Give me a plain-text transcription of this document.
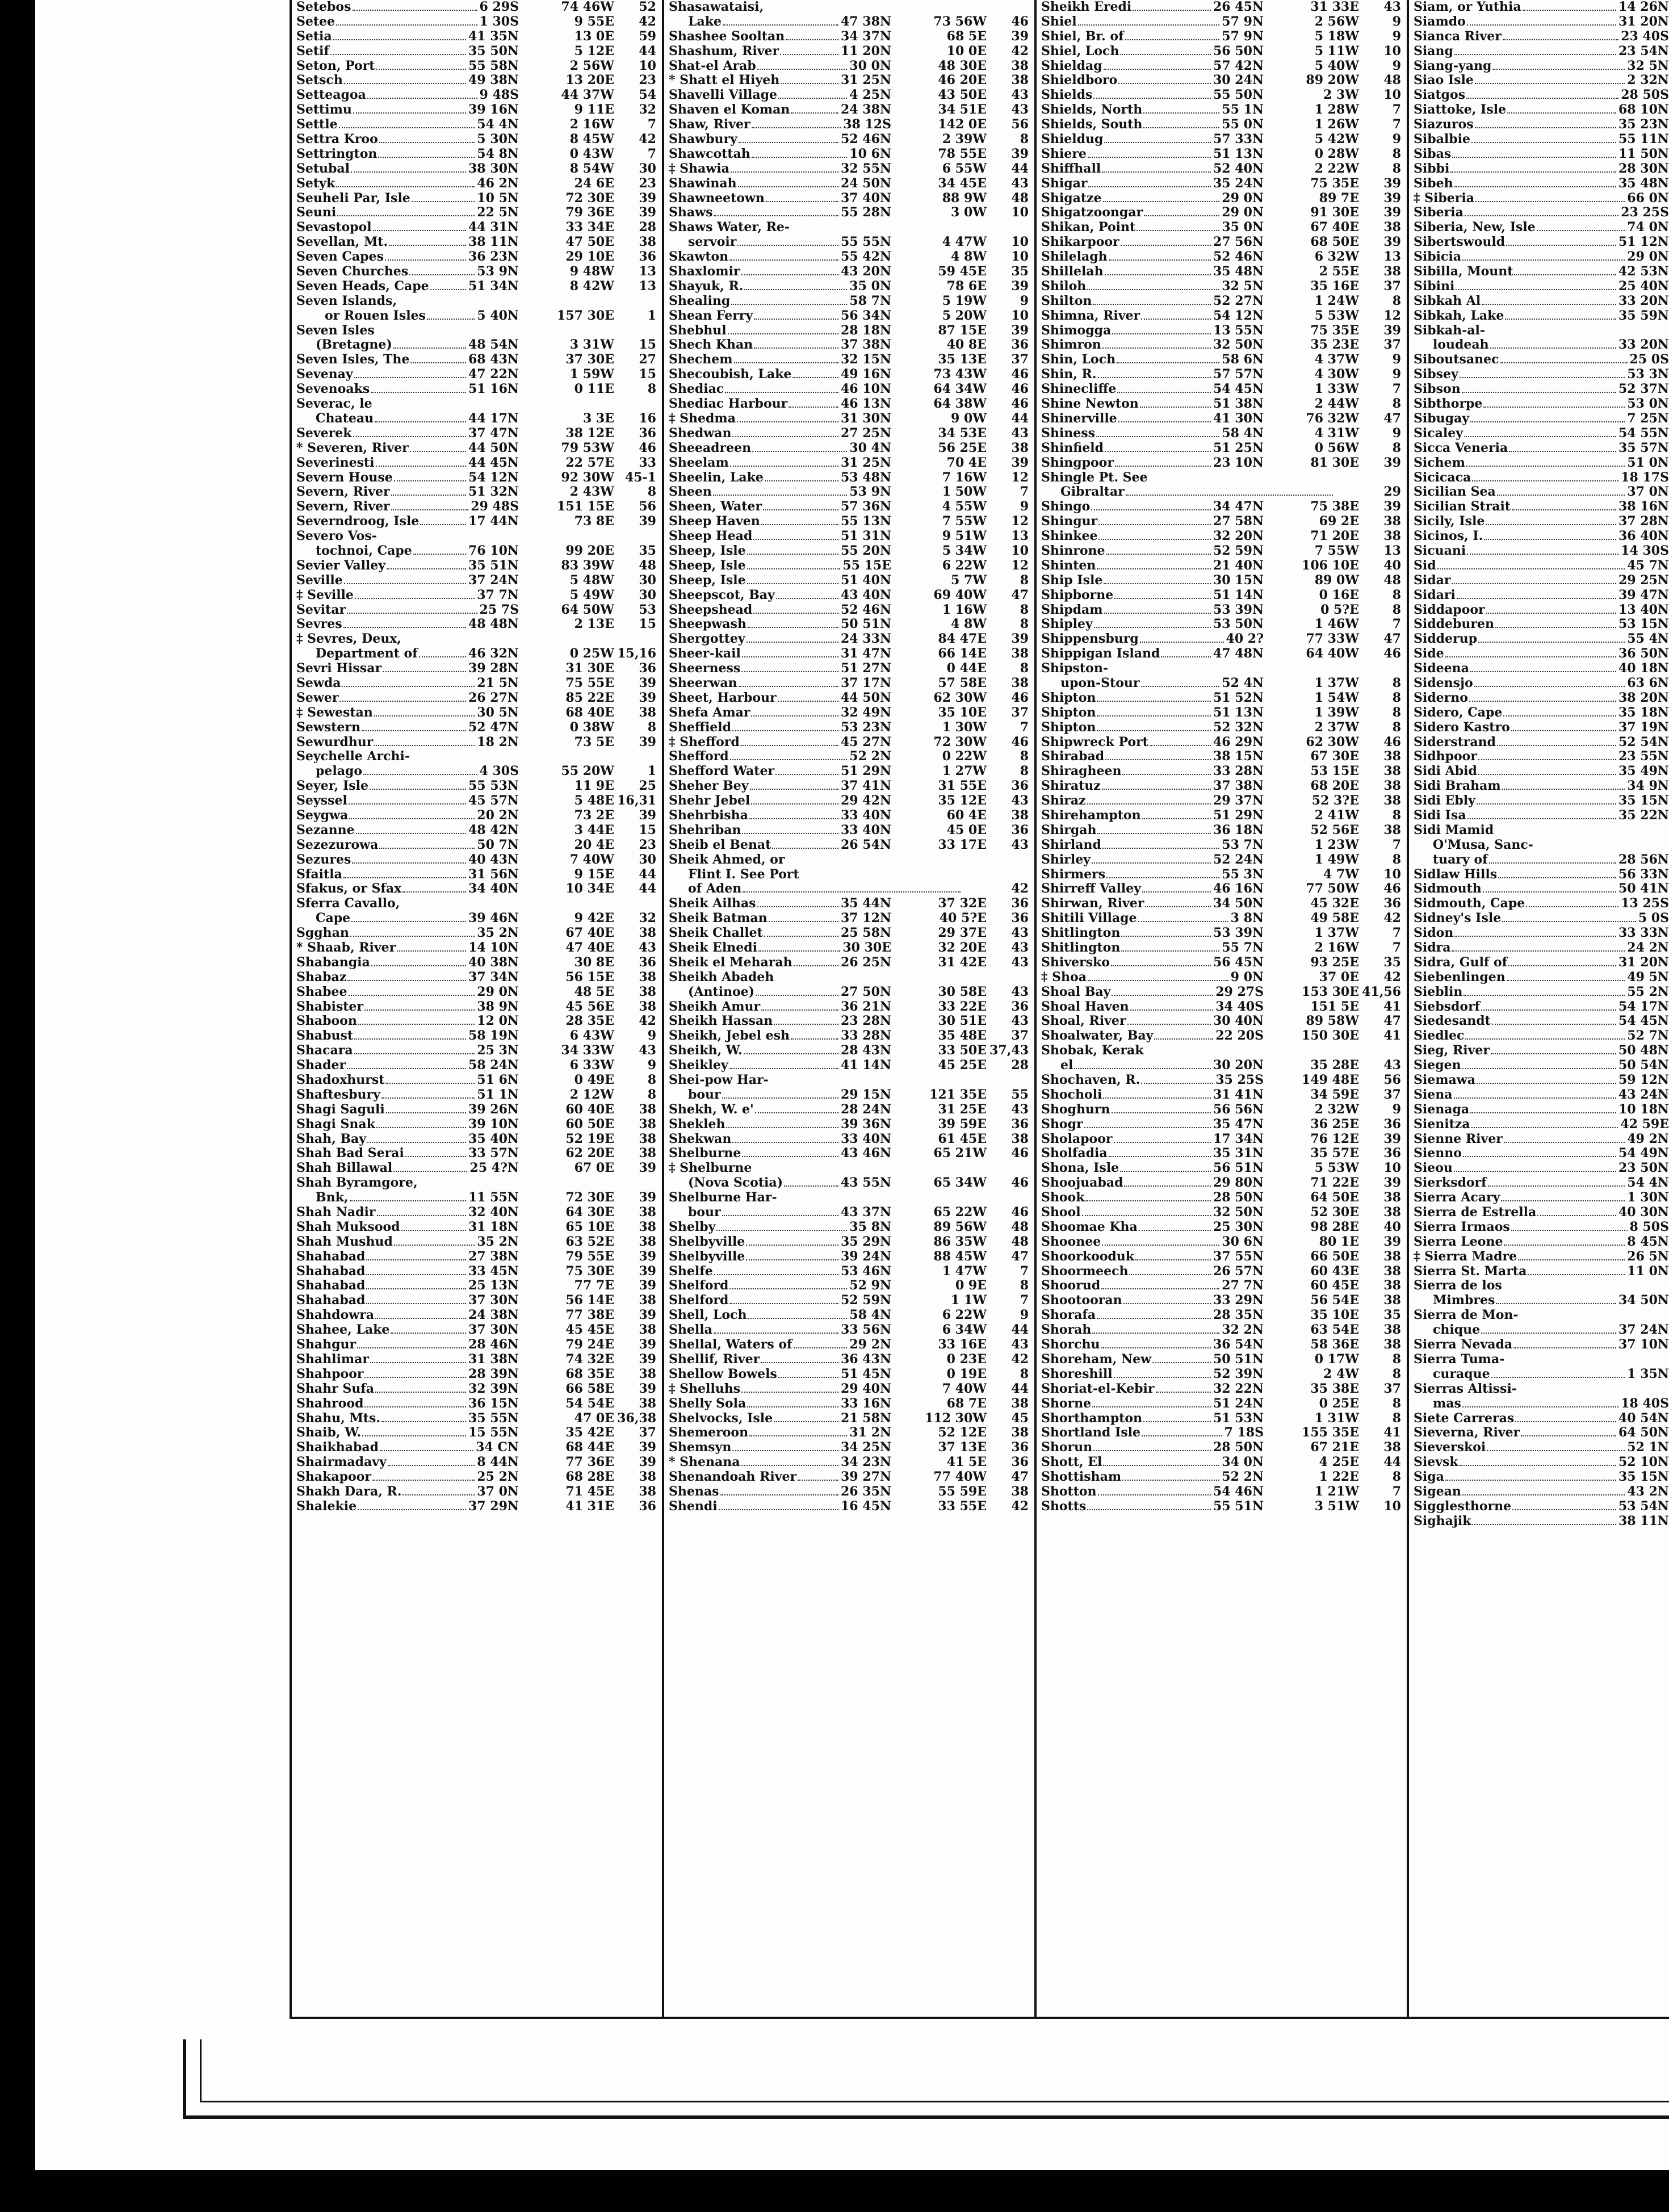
Setebos	6 29S	74 46W 52
Setee	1 30S	9 55E 42
Setia	41 35N	13 0E 59
Setif	35 50N	5 12E 44
Seton, Port	55 58N	2 56W 10
Setsch	49 38N	13 20E 23
Setteagoa	9 48S	44 37W 54
Settimu	39 16N	9 11E 32
Settle	54 4N	2 16W	7
Settra Kroo	5 30N	8 45W 42
Settrington	54 8N	0 43W	7
Setubal	38 30N	8 54W 30
Setyk	46 2N	24 6E 23
Seuheli Par, Isle	10 5N	72 30E 39
Seuni	22 5N	79 36E 39
Sevastopol	44 31N	33 34E 28
Sevellan, Mt.	38 11N	47 50E 38
Seven Capes	36 23N	29 10E 36
Seven Churches	53 9N	9 48W 13
Seven Heads, Cape	51 34N	8 42W 13
Seven Islands,
or Rouen Isles	5 40N	157 30E	1
Seven Isles
(Bretagne)	48 54N	3 31W 15
Seven Isles, The	68 43N	37 30E 27
Sevenay	47 22N	1 59W 15
Sevenoaks	51 16N	0 11E	8
Severac, le
Chateau	44 17N	3 3E 16
Severek	37 47N	38 12E 36
* Severen, River	44 50N	79 53W 46
Severinesti	44 45N	22 57E 33
Severn House	54 12N	92 30W 45-1
Severn, River	51 32N	2 43W	8
Severn, River	29 48S	151 15E 56
Severndroog, Isle	17 44N	73 8E 39
Severo Vos-
tochnoi, Cape	76 10N	99 20E 35
Sevier Valley	35 51N	83 39W 48
Seville	37 24N	5 48W 30
‡ Seville	37 7N	5 49W 30
Sevitar	25 7S	64 50W 53
Sevres	48 48N	2 13E 15
‡ Sevres, Deux,
Department of	46 32N	0 25W 15,16
Sevri Hissar	39 28N	31 30E 36
Sewda	21 5N	75 55E 39
Sewer	26 27N	85 22E 39
‡ Sewestan	30 5N	68 40E 38
Sewstern	52 47N	0 38W	8
Sewurdhur	18 2N	73 5E 39
Seychelle Archi-
pelago	4 30S	55 20W	1
Seyer, Isle	55 53N	11 9E 25
Seyssel	45 57N	5 48E 16,31
Seygwa	20 2N	73 2E 39
Sezanne	48 42N	3 44E 15
Sezezurowa	50 7N	20 4E 23
Sezures	40 43N	7 40W 30
Sfaitla	31 56N	9 15E 44
Sfakus, or Sfax	34 40N	10 34E 44
Sferra Cavallo,
Cape	39 46N	9 42E 32
Sgghan	35 2N	67 40E 38
* Shaab, River	14 10N	47 40E 43
Shabangia	40 38N	30 8E 36
Shabaz	37 34N	56 15E 38
Shabee	29 0N	48 5E 38
Shabister	38 9N	45 56E 38
Shaboon	12 0N	28 35E 42
Shabust	58 19N	6 43W	9
Shacara	25 3N	34 33W 43
Shader	58 24N	6 33W	9
Shadoxhurst	51 6N	0 49E	8
Shaftesbury	51 1N	2 12W	8
Shagi Saguli	39 26N	60 40E 38
Shagi Snak	39 10N	60 50E 38
Shah, Bay	35 40N	52 19E 38
Shah Bad Serai	33 57N	62 20E 38
Shah Billawal	25 4?N	67 0E 39
Shah Byramgore,
Bnk,	11 55N	72 30E 39
Shah Nadir	32 40N	64 30E 38
Shah Muksood	31 18N	65 10E 38
Shah Mushud	35 2N	63 52E 38
Shahabad	27 38N	79 55E 39
Shahabad	33 45N	75 30E 39
Shahabad	25 13N	77 7E 39
Shahabad	37 30N	56 14E 38
Shahdowra	24 38N	77 38E 39
Shahee, Lake	37 30N	45 45E 38
Shahgur	28 46N	79 24E 39
Shahlimar	31 38N	74 32E 39
Shahpoor	28 39N	68 35E 38
Shahr Sufa	32 39N	66 58E 39
Shahrood	36 15N	54 54E 38
Shahu, Mts.	35 55N	47 0E 36,38
Shaib, W.	15 55N	35 42E 37
Shaikhabad	34 CN	68 44E 39
Shairmadavy	8 44N	77 36E 39
Shakapoor	25 2N	68 28E 38
Shakh Dara, R.	37 0N	71 45E 38
Shalekie	37 29N	41 31E 36
Shasawataisi,
Lake	47 38N	73 56W 46
Shashee Sooltan	34 37N	68 5E 39
Shashum, River	11 20N	10 0E 42
Shat-el Arab	30 0N	48 30E 38
* Shatt el Hiyeh	31 25N	46 20E 38
Shavelli Village	4 25N	43 50E 43
Shaven el Koman	24 38N	34 51E 43
Shaw, River	38 12S	142 0E 56
Shawbury	52 46N	2 39W	8
Shawcottah	10 6N	78 55E 39
‡ Shawia	32 55N	6 55W 44
Shawinah	24 50N	34 45E 43
Shawneetown	37 40N	88 9W 48
Shaws	55 28N	3 0W 10
Shaws Water, Re-
servoir	55 55N	4 47W 10
Skawton	55 42N	4 8W 10
Shaxlomir	43 20N	59 45E 35
Shayuk, R.	35 0N	78 6E 39
Shealing	58 7N	5 19W	9
Shean Ferry	56 34N	5 20W 10
Shebhul	28 18N	87 15E 39
Shech Khan	37 38N	40 8E 36
Shechem	32 15N	35 13E 37
Shecoubish, Lake	49 16N	73 43W 46
Shediac	46 10N	64 34W 46
Shediac Harbour	46 13N	64 38W 46
‡ Shedma	31 30N	9 0W 44
Shedwan	27 25N	34 53E 43
Sheeadreen	30 4N	56 25E 38
Sheelam	31 25N	70 4E 39
Sheelin, Lake	53 48N	7 16W 12
Sheen	53 9N	1 50W	7
Sheen, Water	57 36N	4 55W	9
Sheep Haven	55 13N	7 55W 12
Sheep Head	51 31N	9 51W 13
Sheep, Isle	55 20N	5 34W 10
Sheep, Isle	55 15E	6 22W 12
Sheep, Isle	51 40N	5 7W	8
Sheepscot, Bay	43 40N	69 40W 47
Sheepshead	52 46N	1 16W	8
Sheepwash	50 51N	4 8W	8
Shergottey	24 33N	84 47E 39
Sheer-kail	31 47N	66 14E 38
Sheerness	51 27N	0 44E	8
Sheerwan	37 17N	57 58E 38
Sheet, Harbour	44 50N	62 30W 46
Shefa Amar	32 49N	35 10E 37
Sheffield	53 23N	1 30W	7
‡ Shefford	45 27N	72 30W 46
Shefford	52 2N	0 22W	8
Shefford Water	51 29N	1 27W	8
Sheher Bey	37 41N	31 55E 36
Shehr Jebel	29 42N	35 12E 43
Shehrbisha	33 40N	60 4E 38
Shehriban	33 40N	45 0E 36
Sheib el Benat	26 54N	33 17E 43
Sheik Ahmed, or
Flint I. See Port
of Aden	42
Sheik Ailhas	35 44N	37 32E 36
Sheik Batman	37 12N	40 5?E 36
Sheik Challet	25 58N	29 37E 43
Sheik Elnedi	30 30E	32 20E 43
Sheik el Meharah	26 25N	31 42E 43
Sheikh Abadeh
(Antinoe)	27 50N	30 58E 43
Sheikh Amur	36 21N	33 22E 36
Sheikh Hassan	23 28N	30 51E 43
Sheikh, Jebel esh	33 28N	35 48E 37
Sheikh, W.	28 43N	33 50E 37,43
Sheikley	41 14N	45 25E 28
Shei-pow Har-
bour	29 15N	121 35E 55
Shekh, W. e'	28 24N	31 25E 43
Shekleh	39 36N	39 59E 36
Shekwan	33 40N	61 45E 38
Shelburne	43 46N	65 21W 46
‡ Shelburne
(Nova Scotia)	43 55N	65 34W 46
Shelburne Har-
bour	43 37N	65 22W 46
Shelby	35 8N	89 56W 48
Shelbyville	35 29N	86 35W 48
Shelbyville	39 24N	88 45W 47
Shelfe	53 46N	1 47W	7
Shelford	52 9N	0 9E	8
Shelford	52 59N	1 1W	7
Shell, Loch	58 4N	6 22W	9
Shella	33 56N	6 34W 44
Shellal, Waters of	29 2N	33 16E 43
Shellif, River	36 43N	0 23E 42
Shellow Bowels	51 45N	0 19E	8
‡ Shelluhs	29 40N	7 40W 44
Shelly Sola	33 16N	68 7E 38
Shelvocks, Isle	21 58N	112 30W 45
Shemeroon	31 2N	52 12E 38
Shemsyn	34 25N	37 13E 36
* Shenana	34 23N	41 5E 36
Shenandoah River	39 27N	77 40W 47
Shenas	26 35N	55 59E 38
Shendi	16 45N	33 55E 42
Sheikh Eredi	26 45N	31 33E 43
Shiel	57 9N	2 56W	9
Shiel, Br. of	57 9N	5 18W	9
Shiel, Loch	56 50N	5 11W 10
Shieldag	57 42N	5 40W	9
Shieldboro	30 24N	89 20W 48
Shields	55 50N	2 3W 10
Shields, North	55 1N	1 28W	7
Shields, South	55 0N	1 26W	7
Shieldug	57 33N	5 42W	9
Shiere	51 13N	0 28W	8
Shiffhall	52 40N	2 22W	8
Shigar	35 24N	75 35E 39
Shigatze	29 0N	89 7E 39
Shigatzoongar	29 0N	91 30E 39
Shikan, Point	35 0N	67 40E 38
Shikarpoor	27 56N	68 50E 39
Shilelagh	52 46N	6 32W 13
Shillelah	35 48N	2 55E 38
Shiloh	32 5N	35 16E 37
Shilton	52 27N	1 24W	8
Shimna, River	54 12N	5 53W 12
Shimogga	13 55N	75 35E 39
Shimron	32 50N	35 23E 37
Shin, Loch	58 6N	4 37W	9
Shin, R.	57 57N	4 30W	9
Shinecliffe	54 45N	1 33W	7
Shine Newton	51 38N	2 44W	8
Shinerville	41 30N	76 32W 47
Shiness	58 4N	4 31W	9
Shinfield	51 25N	0 56W	8
Shingpoor	23 10N	81 30E 39
Shingle Pt. See
Gibraltar	29
Shingo	34 47N	75 38E 39
Shingur	27 58N	69 2E 38
Shinkee	32 20N	71 20E 38
Shinrone	52 59N	7 55W 13
Shinten	21 40N	106 10E 40
Ship Isle	30 15N	89 0W 48
Shipborne	51 14N	0 16E	8
Shipdam	53 39N	0 5?E	8
Shipley	53 50N	1 46W	7
Shippensburg	40 2?	77 33W 47
Shippigan Island	47 48N	64 40W 46
Shipston-
upon-Stour	52 4N	1 37W	8
Shipton	51 52N	1 54W	8
Shipton	51 13N	1 39W	8
Shipton	52 32N	2 37W	8
Shipwreck Port	46 29N	62 30W 46
Shirabad	38 15N	67 30E 38
Shiragheen	33 28N	53 15E 38
Shiratuz	37 38N	68 20E 38
Shiraz	29 37N	52 3?E 38
Shirehampton	51 29N	2 41W	8
Shirgah	36 18N	52 56E 38
Shirland	53 7N	1 23W	7
Shirley	52 24N	1 49W	8
Shirmers	55 3N	4 7W 10
Shirreff Valley	46 16N	77 50W 46
Shirwan, River	34 50N	45 32E 36
Shitili Village	3 8N	49 58E 42
Shitlington	53 39N	1 37W	7
Shitlington	55 7N	2 16W	7
Shiversko	56 45N	93 25E 35
‡ Shoa	9 0N	37 0E 42
Shoal Bay	29 27S	153 30E 41,56
Shoal Haven	34 40S	151 5E 41
Shoal, River	30 40N	89 58W 47
Shoalwater, Bay	22 20S	150 30E 41
Shobak, Kerak
el	30 20N	35 28E 43
Shochaven, R.	35 25S	149 48E 56
Shocholi	31 41N	34 59E 37
Shoghurn	56 56N	2 32W	9
Shogr	35 47N	36 25E 36
Sholapoor	17 34N	76 12E 39
Sholfadia	35 31N	35 57E 36
Shona, Isle	56 51N	5 53W 10
Shoojuabad	29 80N	71 22E 39
Shook	28 50N	64 50E 38
Shool	32 50N	52 30E 38
Shoomae Kha	25 30N	98 28E 40
Shoonee	30 6N	80 1E 39
Shoorkooduk	37 55N	66 50E 38
Shoormeech	26 57N	60 43E 38
Shoorud	27 7N	60 45E 38
Shootooran	33 29N	56 54E 38
Shorafa	28 35N	35 10E 35
Shorah	32 2N	63 54E 38
Shorchu	36 54N	58 36E 38
Shoreham, New	50 51N	0 17W	8
Shoreshill	52 39N	2 4W	8
Shoriat-el-Kebir	32 22N	35 38E 37
Shorne	51 24N	0 25E	8
Shorthampton	51 53N	1 31W	8
Shortland Isle	7 18S	155 35E 41
Shorun	28 50N	67 21E 38
Shott, El	34 0N	4 25E 44
Shottisham	52 2N	1 22E	8
Shotton	54 46N	1 21W	7
Shotts	55 51N	3 51W 10
Siam, or Yuthia	14 26N
Siamdo	31 20N
Sianca River	23 40S
Siang	23 54N
Siang-yang	32 5N
Siao Isle	2 32N
Siatgos	28 50S
Siattoke, Isle	68 10N
Siazuros	35 23N
Sibalbie	55 11N
Sibas	11 50N
Sibbi	28 30N
Sibeh	35 48N
‡ Siberia	66 0N
Siberia	23 25S
Siberia, New, Isle	74 0N
Sibertswould	51 12N
Sibicia	29 0N
Sibilla, Mount	42 53N
Sibini	25 40N
Sibkah Al	33 20N
Sibkah, Lake	35 59N
Sibkah-al-
loudeah	33 20N
Siboutsanec	25 0S
Sibsey	53 3N
Sibson	52 37N
Sibthorpe	53 0N
Sibugay	7 25N
Sicaley	54 55N
Sicca Veneria	35 57N
Sichem	51 0N
Sicicaca	18 17S
Sicilian Sea	37 0N
Sicilian Strait	38 16N
Sicily, Isle	37 28N
Sicinos, I.	36 40N
Sicuani	14 30S
Sid	45 7N
Sidar	29 25N
Sidari	39 47N
Siddapoor	13 40N
Siddeburen	53 15N
Sidderup	55 4N
Side	36 50N
Sideena	40 18N
Sidensjo	63 6N
Siderno	38 20N
Sidero, Cape	35 18N
Sidero Kastro	37 19N
Siderstrand	52 54N
Sidhpoor	23 55N
Sidi Abid	35 49N
Sidi Braham	34 9N
Sidi Ebly	35 15N
Sidi Isa	35 22N
Sidi Mamid
O'Musa, Sanc-
tuary of	28 56N
Sidlaw Hills	56 33N
Sidmouth	50 41N
Sidmouth, Cape	13 25S
Sidney's Isle	5 0S
Sidon	33 33N
Sidra	24 2N
Sidra, Gulf of	31 20N
Siebenlingen	49 5N
Sieblin	55 2N
Siebsdorf	54 17N
Siedesandt	54 45N
Siedlec	52 7N
Sieg, River	50 48N
Siegen	50 54N
Siemawa	59 12N
Siena	43 24N
Sienaga	10 18N
Sienitza	42 59E
Sienne River	49 2N
Sienno	54 49N
Sieou	23 50N
Sierksdorf	54 4N
Sierra Acary	1 30N
Sierra de Estrella	40 30N
Sierra Irmaos	8 50S
Sierra Leone	8 45N
‡ Sierra Madre	26 5N
Sierra St. Marta	11 0N
Sierra de los
Mimbres	34 50N
Sierra de Mon-
chique	37 24N
Sierra Nevada	37 10N
Sierra Tuma-
curaque	1 35N
Sierras Altissi-
mas	18 40S
Siete Carreras	40 54N
Sieverna, River	64 50N
Sieverskoi	52 1N
Sievsk	52 10N
Siga	35 15N
Sigean	43 2N
Sigglesthorne	53 54N
Sighajik	38 11N
